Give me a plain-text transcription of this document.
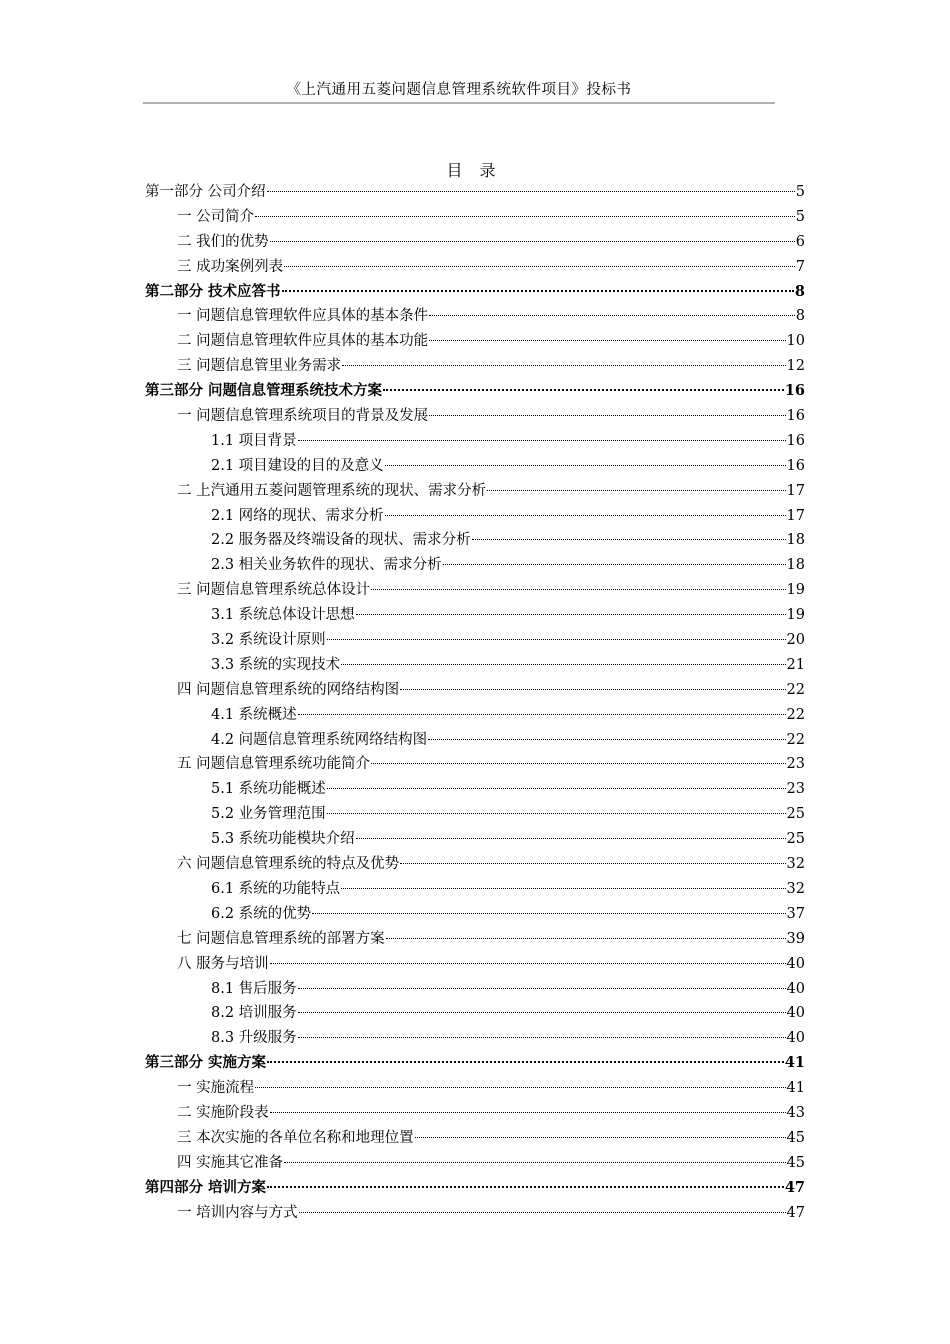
《上汽通用五菱问题信息管理系统软件项目》投标书
目 录
第一部分 公司介绍	5
一 公司简介	5
二 我们的优势	6
三 成功案例列表	7
第二部分 技术应答书	8
一 问题信息管理软件应具体的基本条件	8
二 问题信息管理软件应具体的基本功能	10
三 问题信息管里业务需求	12
第三部分 问题信息管理系统技术方案	16
一 问题信息管理系统项目的背景及发展	16
1.1 项目背景	16
2.1 项目建设的目的及意义	16
二 上汽通用五菱问题管理系统的现状、需求分析	17
2.1 网络的现状、需求分析	17
2.2 服务器及终端设备的现状、需求分析	18
2.3 相关业务软件的现状、需求分析	18
三 问题信息管理系统总体设计	19
3.1 系统总体设计思想	19
3.2 系统设计原则	20
3.3 系统的实现技术	21
四 问题信息管理系统的网络结构图	22
4.1 系统概述	22
4.2 问题信息管理系统网络结构图	22
五 问题信息管理系统功能简介	23
5.1 系统功能概述	23
5.2 业务管理范围	25
5.3 系统功能模块介绍	25
六 问题信息管理系统的特点及优势	32
6.1 系统的功能特点	32
6.2 系统的优势	37
七 问题信息管理系统的部署方案	39
八 服务与培训	40
8.1 售后服务	40
8.2 培训服务	40
8.3 升级服务	40
第三部分 实施方案	41
一 实施流程	41
二 实施阶段表	43
三 本次实施的各单位名称和地理位置	45
四 实施其它准备	45
第四部分 培训方案	47
一 培训内容与方式	47
